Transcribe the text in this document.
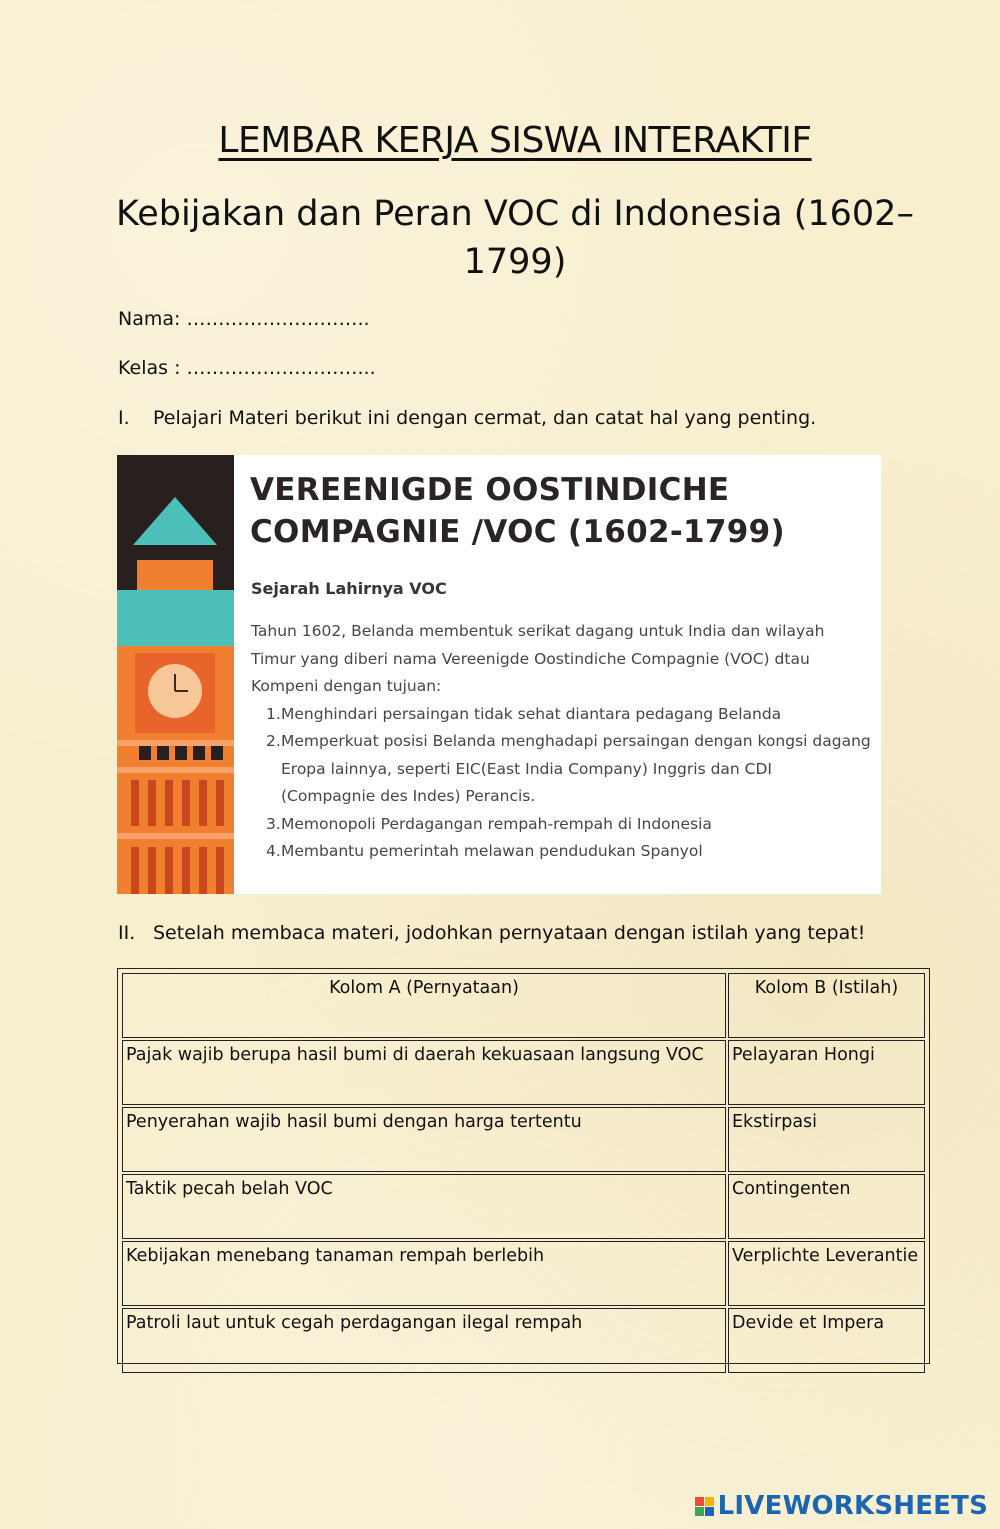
LEMBAR KERJA SISWA INTERAKTIF
Kebijakan dan Peran VOC di Indonesia (1602–1799)
Nama: ………………………..
Kelas : ………………………...
I. Pelajari Materi berikut ini dengan cermat, dan catat hal yang penting.
VEREENIGDE OOSTINDICHE COMPAGNIE /VOC (1602-1799)
Sejarah Lahirnya VOC
Tahun 1602, Belanda membentuk serikat dagang untuk India dan wilayah Timur yang diberi nama Vereenigde Oostindiche Compagnie (VOC) dtau Kompeni dengan tujuan:
1. Menghindari persaingan tidak sehat diantara pedagang Belanda
2. Memperkuat posisi Belanda menghadapi persaingan dengan kongsi dagang Eropa lainnya, seperti EIC(East India Company) Inggris dan CDI (Compagnie des Indes) Perancis.
3. Memonopoli Perdagangan rempah-rempah di Indonesia
4. Membantu pemerintah melawan pendudukan Spanyol
II. Setelah membaca materi, jodohkan pernyataan dengan istilah yang tepat!
Kolom A (Pernyataan)	Kolom B (Istilah)
Pajak wajib berupa hasil bumi di daerah kekuasaan langsung VOC	Pelayaran Hongi
Penyerahan wajib hasil bumi dengan harga tertentu	Ekstirpasi
Taktik pecah belah VOC	Contingenten
Kebijakan menebang tanaman rempah berlebih	Verplichte Leverantie
Patroli laut untuk cegah perdagangan ilegal rempah	Devide et Impera
LIVEWORKSHEETS
